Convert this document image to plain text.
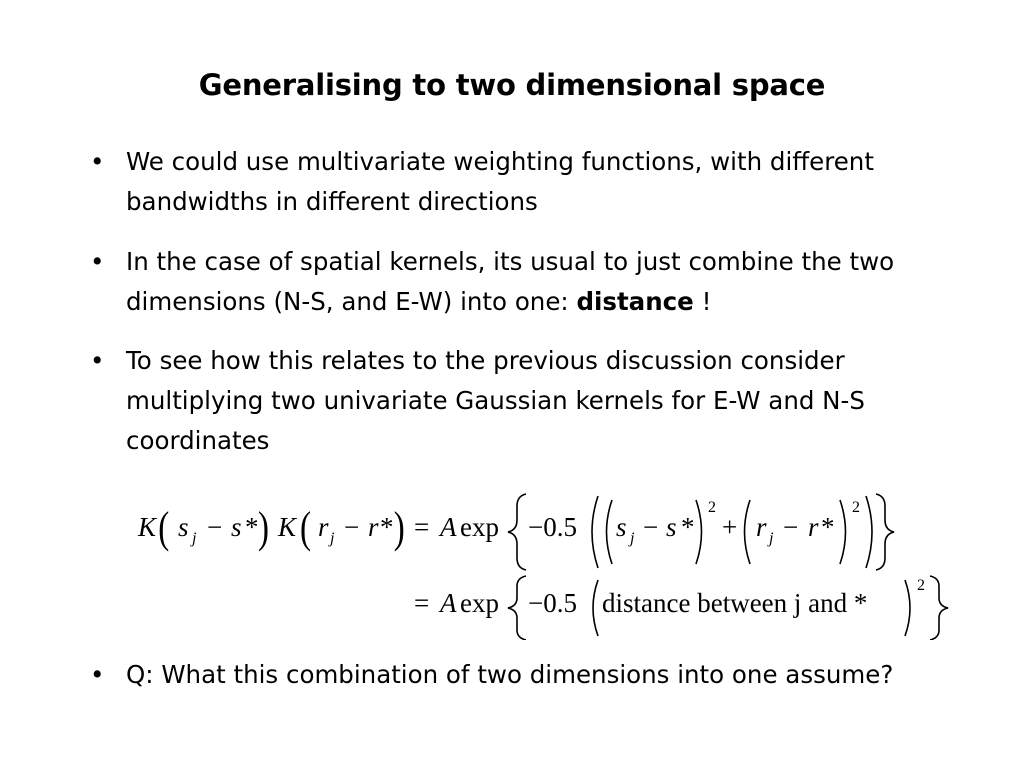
Generalising to two dimensional space
• We could use multivariate weighting functions, with different bandwidths in different directions
• In the case of spatial kernels, its usual to just combine the two dimensions (N-S, and E-W) into one: distance !
• To see how this relates to the previous discussion consider multiplying two univariate Gaussian kernels for E-W and N-S coordinates
K ( s j − s * ) K ( r j − r * ) = A exp −0.5 s j − s *
2
+ r j − r *
2
= A exp −0.5 distance between j and *
2
• Q: What this combination of two dimensions into one assume?
